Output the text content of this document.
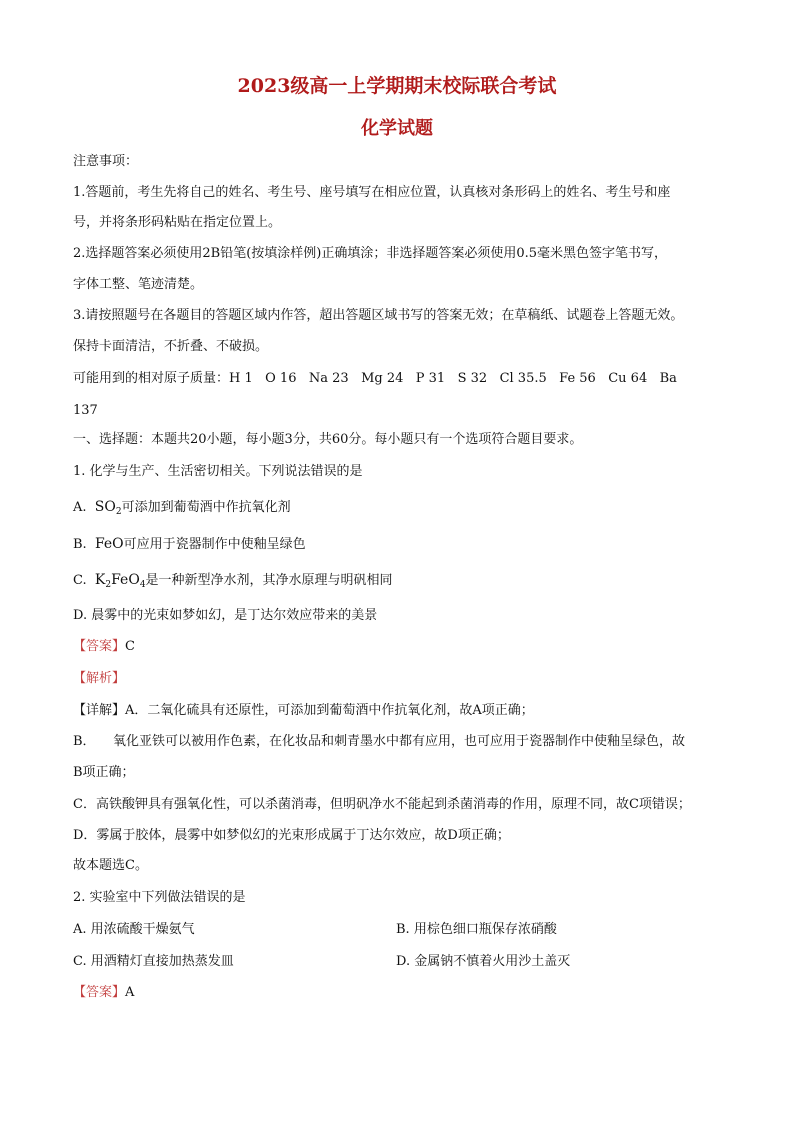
2023级高一上学期期末校际联合考试
化学试题
注意事项：
1.答题前，考生先将自己的姓名、考生号、座号填写在相应位置，认真核对条形码上的姓名、考生号和座
号，并将条形码粘贴在指定位置上。
2.选择题答案必须使用2B铅笔(按填涂样例)正确填涂；非选择题答案必须使用0.5毫米黑色签字笔书写，
字体工整、笔迹清楚。
3.请按照题号在各题目的答题区域内作答，超出答题区域书写的答案无效；在草稿纸、试题卷上答题无效。
保持卡面清洁，不折叠、不破损。
可能用到的相对原子质量：H 1   O 16   Na 23   Mg 24   P 31   S 32   Cl 35.5   Fe 56   Cu 64   Ba
137
一、选择题：本题共20小题，每小题3分，共60分。每小题只有一个选项符合题目要求。
1. 化学与生产、生活密切相关。下列说法错误的是
A.  $SO_2$可添加到葡萄酒中作抗氧化剂
B.  FeO可应用于瓷器制作中使釉呈绿色
C.  $K_2FeO_4$是一种新型净水剂，其净水原理与明矾相同
D. 晨雾中的光束如梦如幻，是丁达尔效应带来的美景
【答案】C
【解析】
【详解】A．二氧化硫具有还原性，可添加到葡萄酒中作抗氧化剂，故A项正确；
B． 氧化亚铁可以被用作色素，在化妆品和刺青墨水中都有应用，也可应用于瓷器制作中使釉呈绿色，故
B项正确；
C．高铁酸钾具有强氧化性，可以杀菌消毒，但明矾净水不能起到杀菌消毒的作用，原理不同，故C项错误；
D．雾属于胶体，晨雾中如梦似幻的光束形成属于丁达尔效应，故D项正确；
故本题选C。
2. 实验室中下列做法错误的是
A. 用浓硫酸干燥氨气	B. 用棕色细口瓶保存浓硝酸
C. 用酒精灯直接加热蒸发皿	D. 金属钠不慎着火用沙土盖灭
【答案】A
